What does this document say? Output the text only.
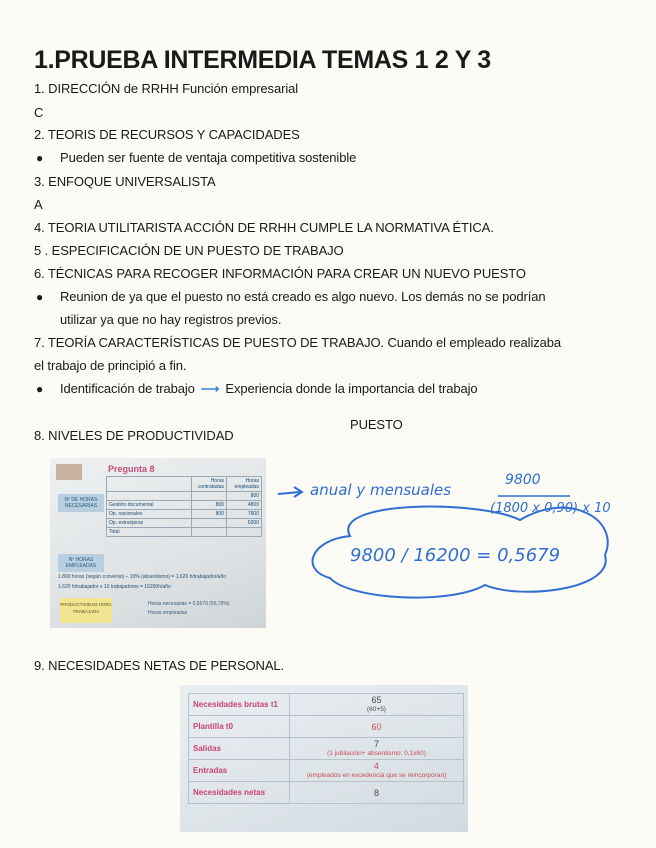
1.PRUEBA INTERMEDIA TEMAS 1 2 Y 3
1. DIRECCIÓN de RRHH Función empresarial
C
2. TEORIS DE RECURSOS Y CAPACIDADES
● Pueden ser fuente de ventaja competitiva sostenible
3. ENFOQUE UNIVERSALISTA
A
4. TEORIA UTILITARISTA ACCIÓN DE RRHH CUMPLE LA NORMATIVA ÉTICA.
5 . ESPECIFICACIÓN DE UN PUESTO DE TRABAJO
6. TÉCNICAS PARA RECOGER INFORMACIÓN PARA CREAR UN NUEVO PUESTO
● Reunion de ya que el puesto no está creado es algo nuevo. Los demás no se podrían
utilizar ya que no hay registros previos.
7. TEORÍA CARACTERÍSTICAS DE PUESTO DE TRABAJO. Cuando el empleado realizaba
el trabajo de principió a fin.
● Identificación de trabajo ⟶ Experiencia donde la importancia del trabajo
PUESTO
8. NIVELES DE PRODUCTIVIDAD
Pregunta 8
Nº DE HORAS NECESARIAS
	Horas contratadas	Horas empleadas
		800
Gestión documental	800	4800
Op. nacionales	800	7600
Op. extranjeras		6200
Total		
Nº HORAS EMPLEADAS
1.800 horas (según convenio) – 10% (absentismo) = 1.620 h/trabajador/año
1.620 h/trabajador x 10 trabajadores = 16200h/año
PRODUCTIVIDAD HORA TRABAJADA
Horas necesarias = 0,5679 (56,79%)
Horas empleadas
anual y mensuales
9800
(1800 x 0,90) x 10
9800 / 16200 = 0,5679
9. NECESIDADES NETAS DE PERSONAL.
Necesidades brutas t1	65
(60+5)

Plantilla t0	60
Salidas	7
(1 jubilación+ absentismo: 0,1x60)

Entradas	4
(empleados en excedencia que se reincorporan)

Necesidades netas	8
